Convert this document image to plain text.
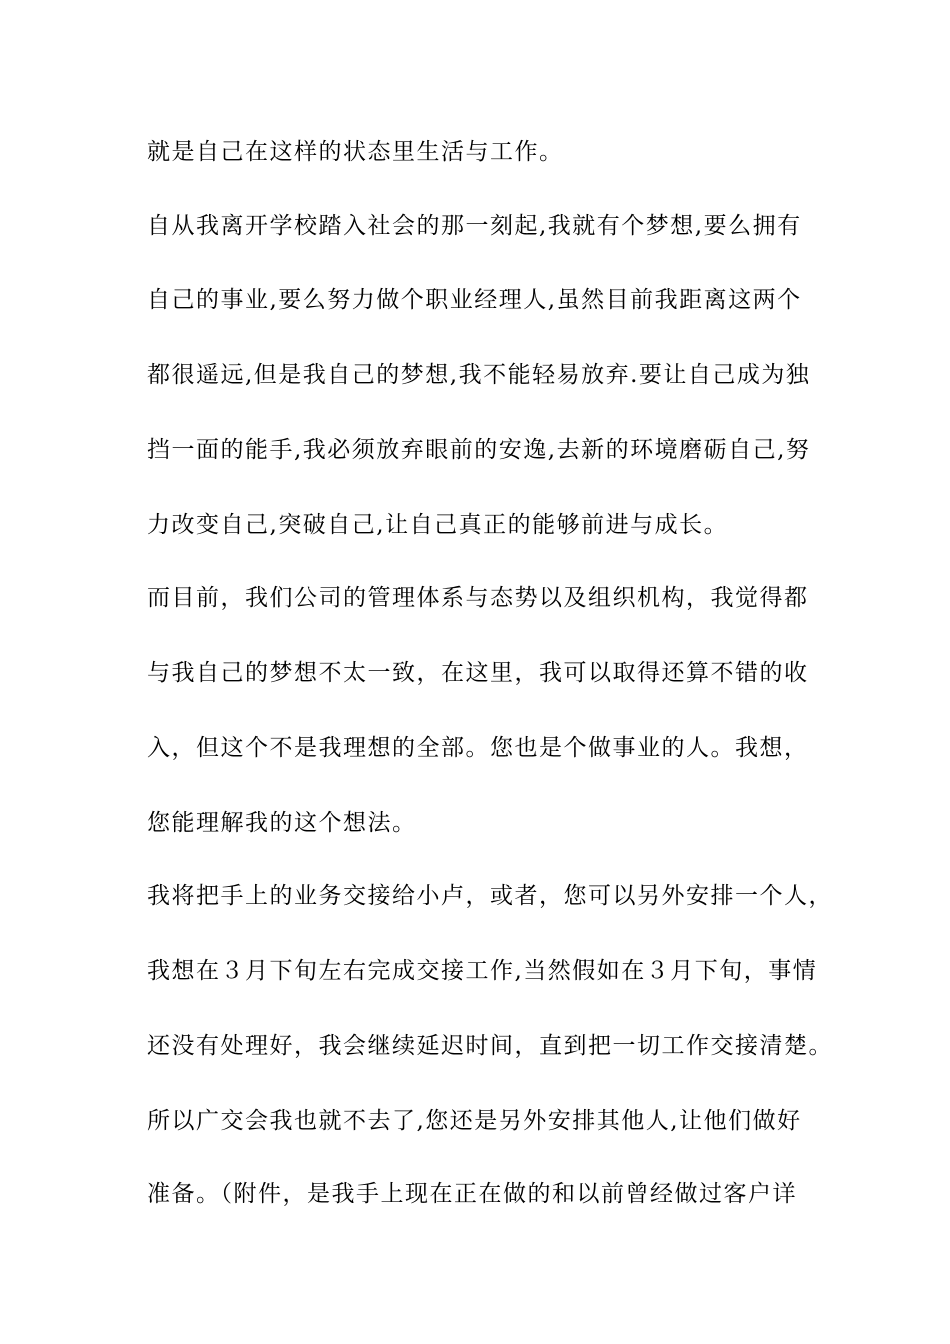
就是自己在这样的状态里生活与工作。

自从我离开学校踏入社会的那一刻起,我就有个梦想,要么拥有

自己的事业,要么努力做个职业经理人,虽然目前我距离这两个

都很遥远,但是我自己的梦想,我不能轻易放弃.要让自己成为独

挡一面的能手,我必须放弃眼前的安逸,去新的环境磨砺自己,努

力改变自己,突破自己,让自己真正的能够前进与成长。

而目前，我们公司的管理体系与态势以及组织机构，我觉得都

与我自己的梦想不太一致，在这里，我可以取得还算不错的收

入，但这个不是我理想的全部。您也是个做事业的人。我想，

您能理解我的这个想法。

我将把手上的业务交接给小卢，或者，您可以另外安排一个人，

我想在３月下旬左右完成交接工作,当然假如在３月下旬，事情

还没有处理好，我会继续延迟时间，直到把一切工作交接清楚。

所以广交会我也就不去了,您还是另外安排其他人,让他们做好

准备。（附件，是我手上现在正在做的和以前曾经做过客户详
